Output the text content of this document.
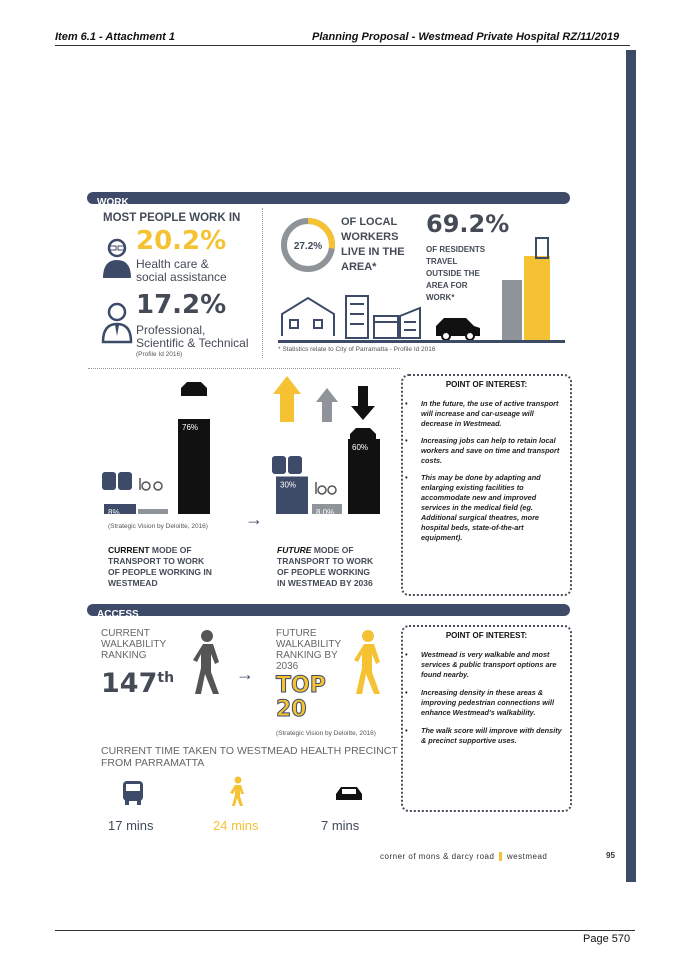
Item 6.1 - Attachment 1	Planning Proposal - Westmead Private Hospital RZ/11/2019
WORK
MOST PEOPLE WORK IN
20.2%
Health care &
social assistance
17.2%
Professional,
Scientific & Technical
(Profile Id 2016)
27.2%
OF LOCAL
WORKERS
LIVE IN THE
AREA*
69.2%
OF RESIDENTS
TRAVEL
OUTSIDE THE
AREA FOR
WORK*
* Statistics relate to City of Parramatta - Profile Id 2016
8%
4%
76%
(Strategic Vision by Deloitte, 2016) →
30%
8.0%
60%
CURRENT MODE OF
TRANSPORT TO WORK
OF PEOPLE WORKING IN
WESTMEAD
FUTURE MODE OF
TRANSPORT TO WORK
OF PEOPLE WORKING
IN WESTMEAD BY 2036
POINT OF INTEREST:
• In the future, the use of active transport will increase and car-useage will decrease in Westmead.
• Increasing jobs can help to retain local workers and save on time and transport costs.
• This may be done by adapting and enlarging existing facilities to accommodate new and improved services in the medical field (eg. Additional surgical theatres, more hospital beds, state-of-the-art equipment).
ACCESS
CURRENT
WALKABILITY
RANKING
147th	→
FUTURE
WALKABILITY
RANKING BY
2036
TOP
20
(Strategic Vision by Deloitte, 2016)
CURRENT TIME TAKEN TO WESTMEAD HEALTH PRECINCT
FROM PARRAMATTA
17 mins	24 mins	7 mins
POINT OF INTEREST:
• Westmead is very walkable and most services & public transport options are found nearby.
• Increasing density in these areas & improving pedestrian connections will enhance Westmead's walkability.
• The walk score will improve with density & precinct supportive uses.
corner of mons & darcy road westmead	95
Page 570
